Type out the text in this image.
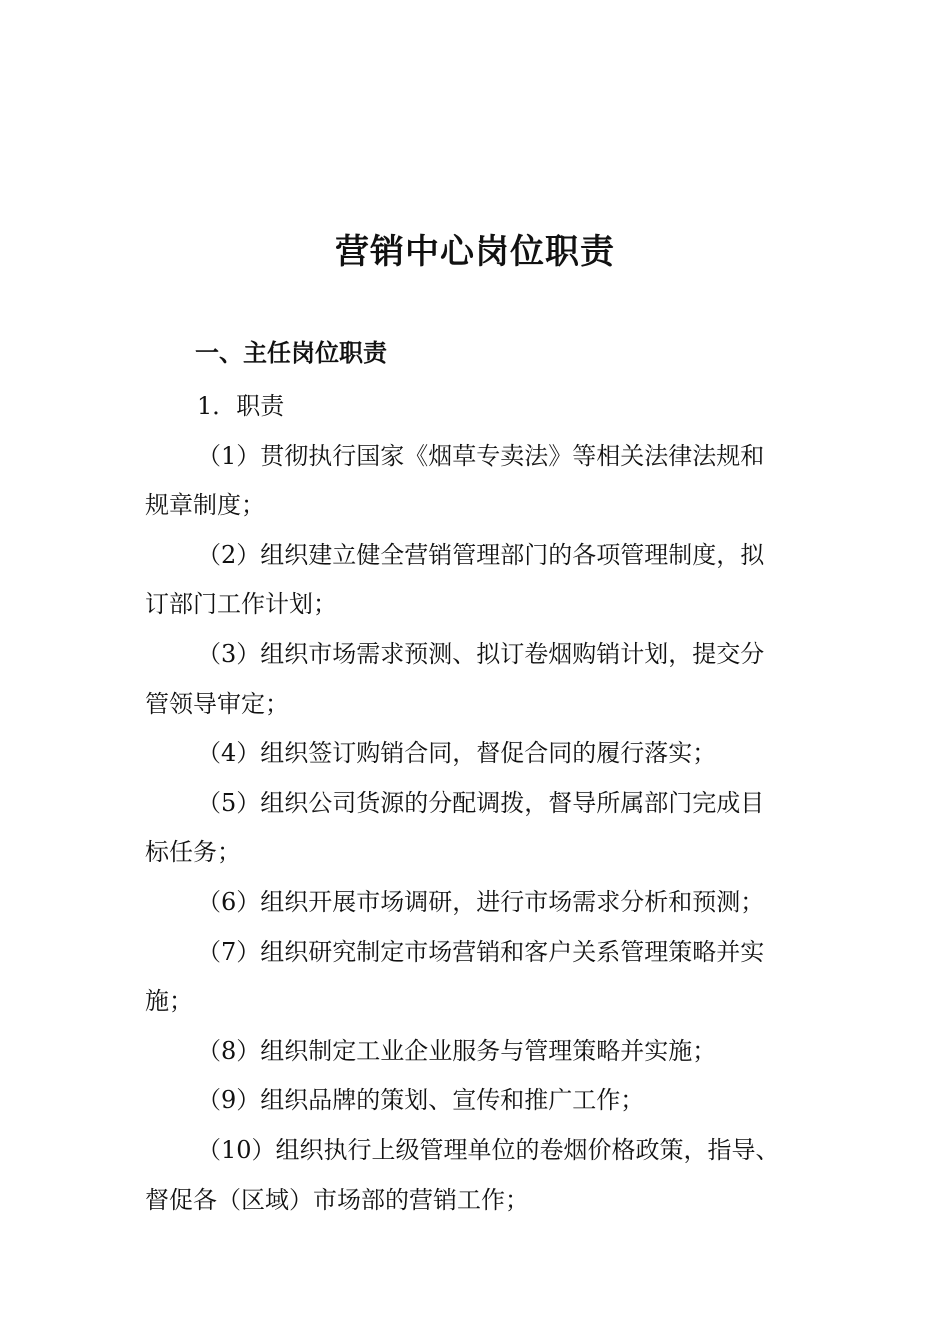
营销中心岗位职责
一、主任岗位职责

1．职责

（1）贯彻执行国家《烟草专卖法》等相关法律法规和
规章制度；

（2）组织建立健全营销管理部门的各项管理制度，拟
订部门工作计划；

（3）组织市场需求预测、拟订卷烟购销计划，提交分
管领导审定；

（4）组织签订购销合同，督促合同的履行落实；

（5）组织公司货源的分配调拨，督导所属部门完成目
标任务；

（6）组织开展市场调研，进行市场需求分析和预测；

（7）组织研究制定市场营销和客户关系管理策略并实
施；

（8）组织制定工业企业服务与管理策略并实施；

（9）组织品牌的策划、宣传和推广工作；

（10）组织执行上级管理单位的卷烟价格政策，指导、
督促各（区域）市场部的营销工作；
